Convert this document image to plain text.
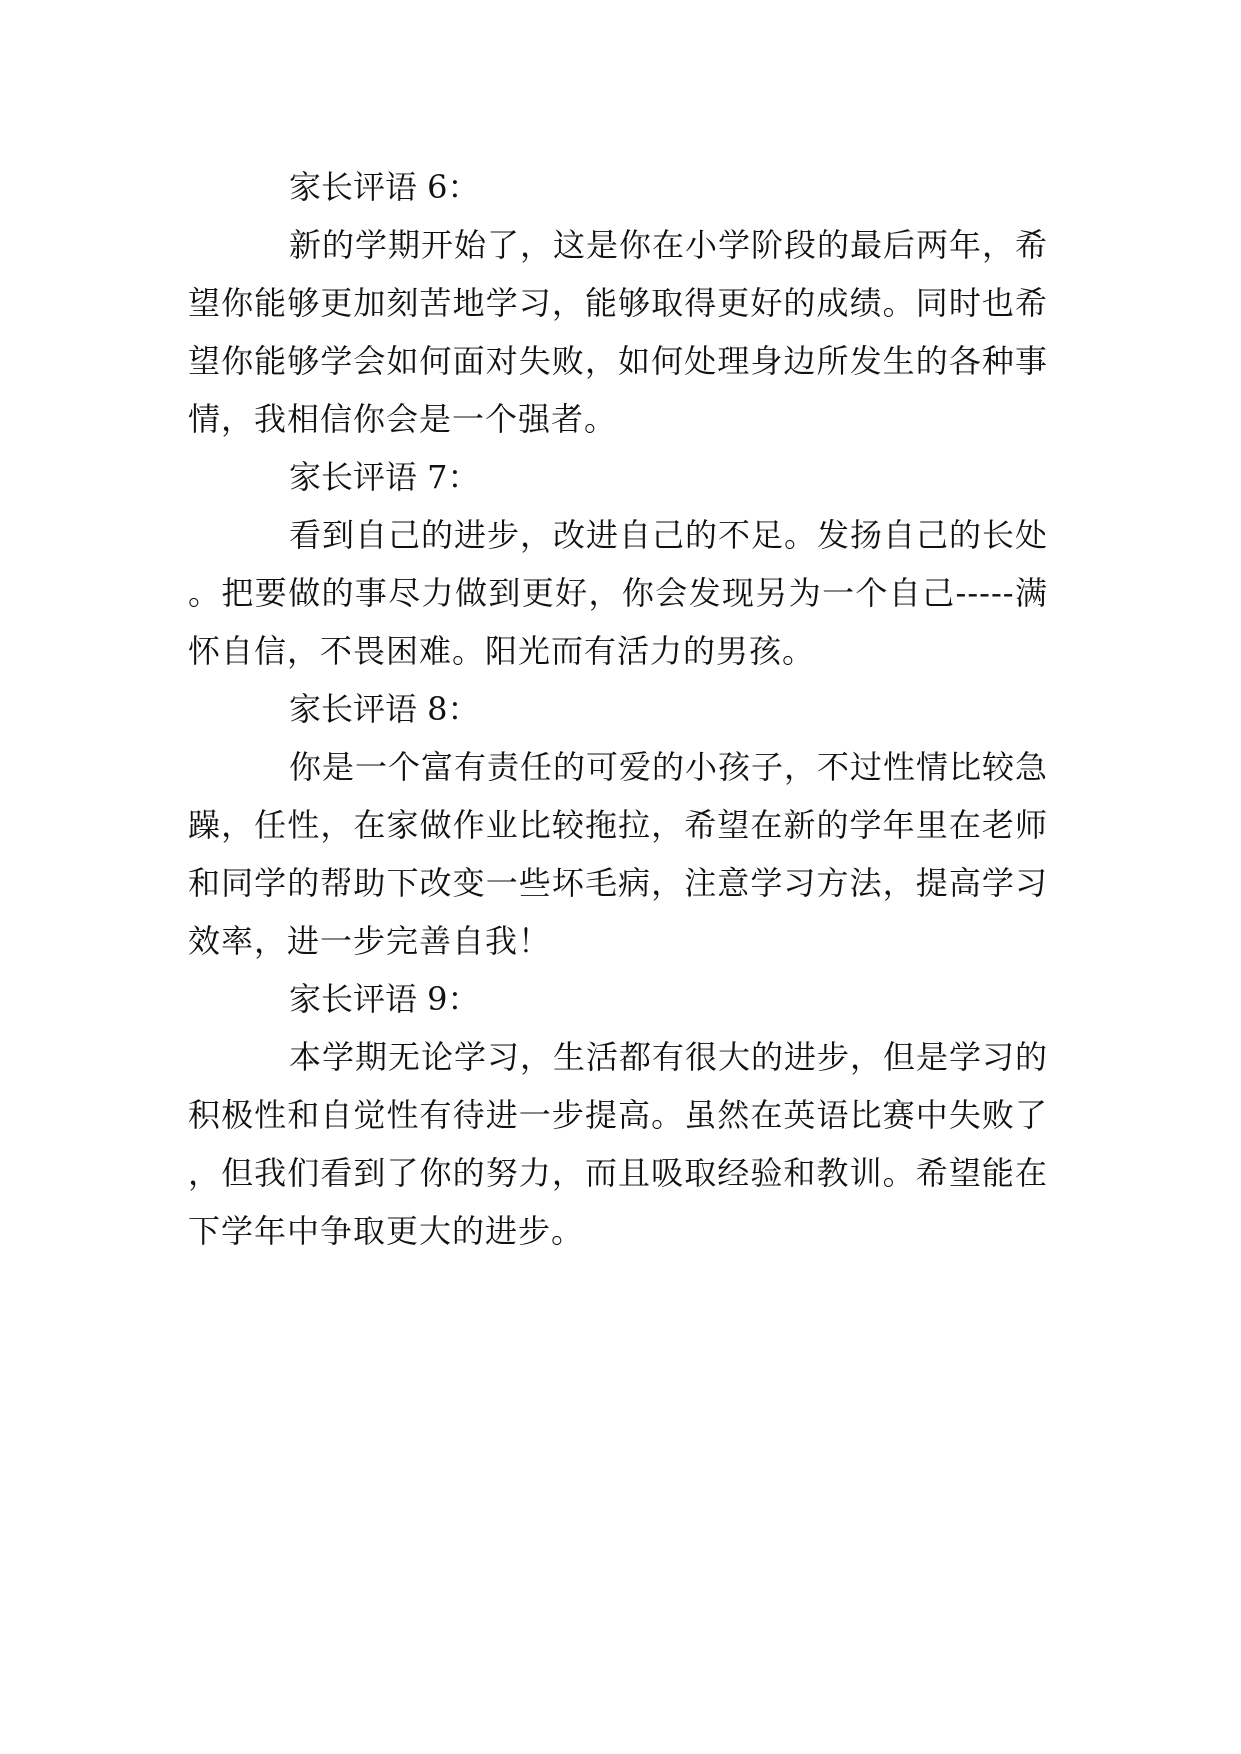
家长评语 6：

新的学期开始了，这是你在小学阶段的最后两年，希望你能够更加刻苦地学习，能够取得更好的成绩。同时也希望你能够学会如何面对失败，如何处理身边所发生的各种事情，我相信你会是一个强者。

家长评语 7：

看到自己的进步，改进自己的不足。发扬自己的长处。把要做的事尽力做到更好，你会发现另为一个自己-----满怀自信，不畏困难。阳光而有活力的男孩。

家长评语 8：

你是一个富有责任的可爱的小孩子，不过性情比较急躁，任性，在家做作业比较拖拉，希望在新的学年里在老师和同学的帮助下改变一些坏毛病，注意学习方法，提高学习效率，进一步完善自我！

家长评语 9：

本学期无论学习，生活都有很大的进步，但是学习的积极性和自觉性有待进一步提高。虽然在英语比赛中失败了，但我们看到了你的努力，而且吸取经验和教训。希望能在下学年中争取更大的进步。
